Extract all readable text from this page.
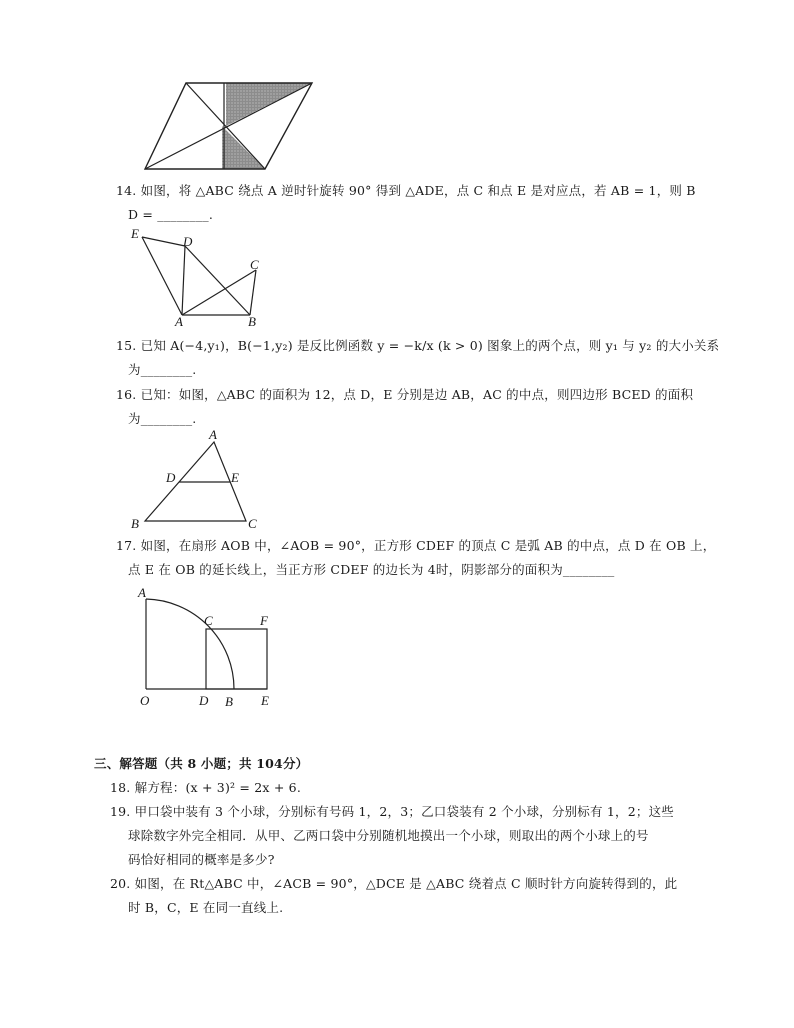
14. 如图，将 △ABC 绕点 A 逆时针旋转 90° 得到 △ADE，点 C 和点 E 是对应点，若 AB = 1，则 B
D = ________.
E
D
C
A	B
15. 已知 A(−4,y₁)，B(−1,y₂) 是反比例函数 y = −k/x (k > 0) 图象上的两个点，则 y₁ 与 y₂ 的大小关系
为________.
16. 已知：如图，△ABC 的面积为 12，点 D，E 分别是边 AB，AC 的中点，则四边形 BCED 的面积
为________.
A
D	E
B	C
17. 如图，在扇形 AOB 中，∠AOB = 90°，正方形 CDEF 的顶点 C 是弧 AB 的中点，点 D 在 OB 上，
点 E 在 OB 的延长线上，当正方形 CDEF 的边长为 4时，阴影部分的面积为________
A
C	F
O	D B E
三、解答题（共 8 小题；共 104分）
18. 解方程：(x + 3)² = 2x + 6.
19. 甲口袋中装有 3 个小球，分别标有号码 1，2，3；乙口袋装有 2 个小球，分别标有 1，2；这些
球除数字外完全相同．从甲、乙两口袋中分别随机地摸出一个小球，则取出的两个小球上的号
码恰好相同的概率是多少?
20. 如图，在 Rt△ABC 中，∠ACB = 90°，△DCE 是 △ABC 绕着点 C 顺时针方向旋转得到的，此
时 B，C，E 在同一直线上.
